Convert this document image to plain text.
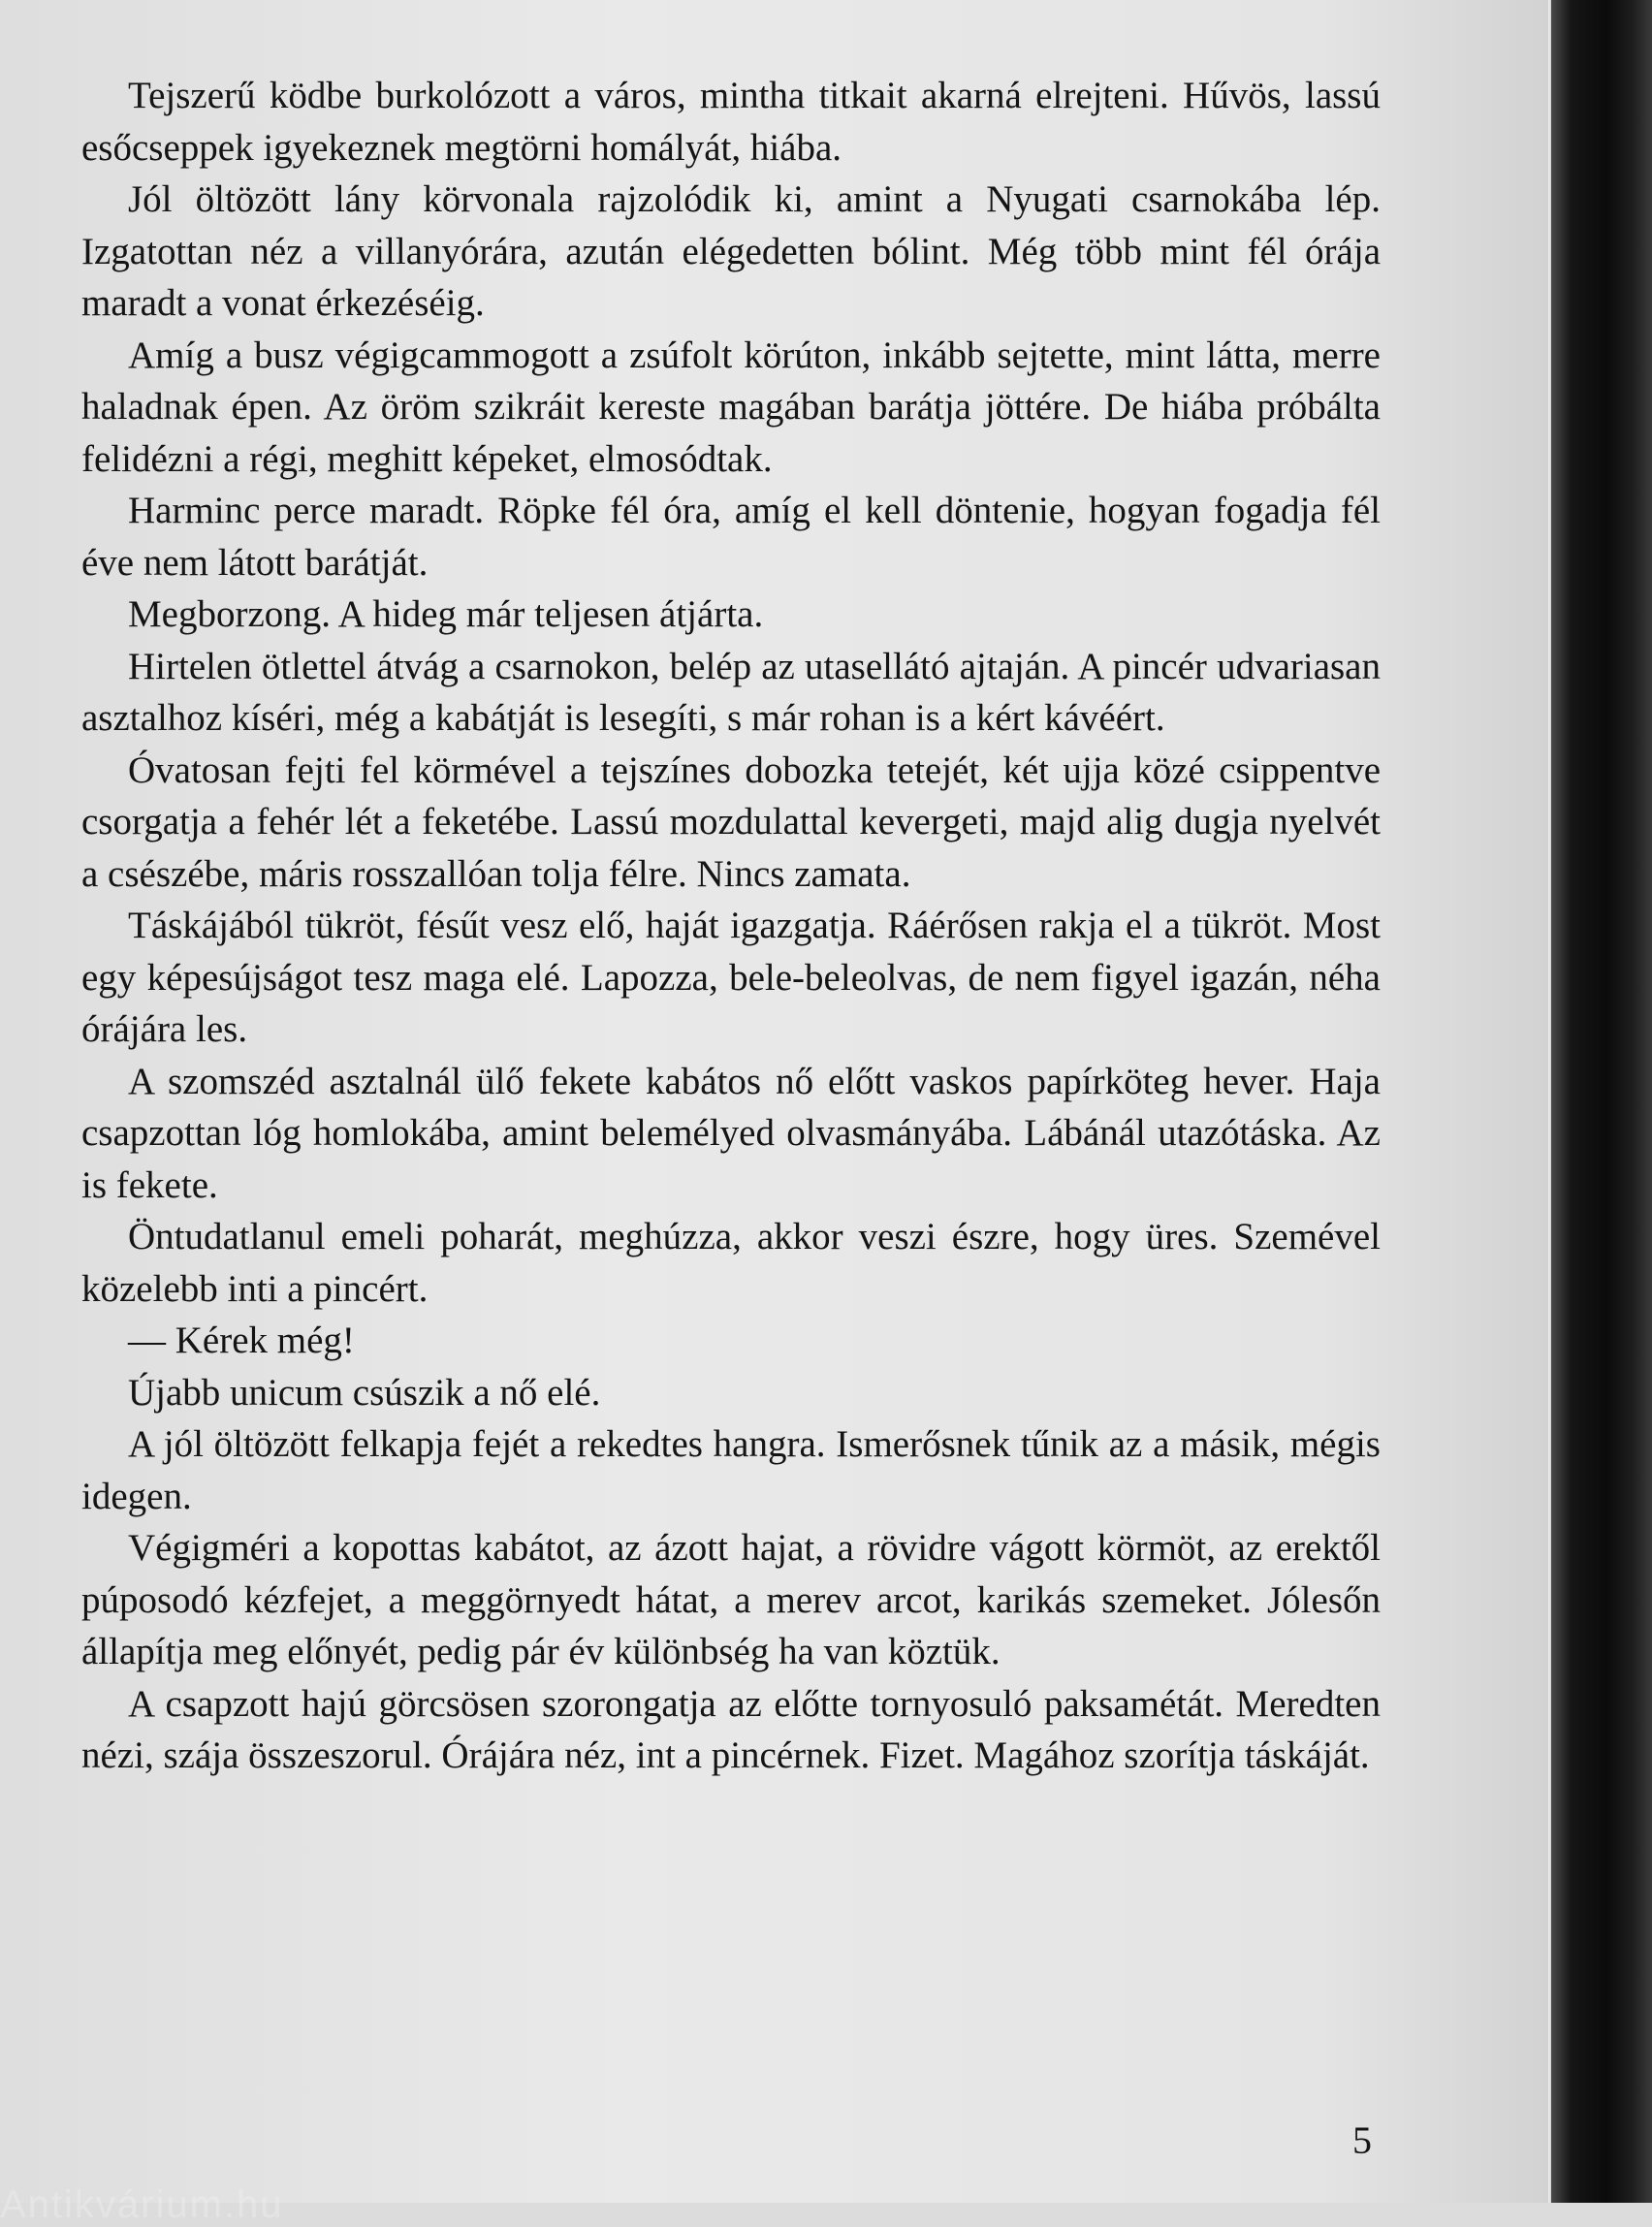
Tejszerű ködbe burkolózott a város, mintha titkait akarná elrejteni. Hűvös, lassú esőcseppek igyekeznek megtörni homályát, hiába.

Jól öltözött lány körvonala rajzolódik ki, amint a Nyugati csarnokába lép. Izgatottan néz a villanyórára, azután elégedetten bólint. Még több mint fél órája maradt a vonat érkezéséig.

Amíg a busz végigcammogott a zsúfolt körúton, inkább sejtette, mint látta, merre haladnak épen. Az öröm szikráit kereste magában barátja jöttére. De hiába próbálta felidézni a régi, meghitt képeket, elmosódtak.

Harminc perce maradt. Röpke fél óra, amíg el kell döntenie, hogyan fogadja fél éve nem látott barátját.

Megborzong. A hideg már teljesen átjárta.

Hirtelen ötlettel átvág a csarnokon, belép az utasellátó ajtaján. A pincér udvariasan asztalhoz kíséri, még a kabátját is lesegíti, s már rohan is a kért kávéért.

Óvatosan fejti fel körmével a tejszínes dobozka tetejét, két ujja közé csippentve csorgatja a fehér lét a feketébe. Lassú mozdulattal kevergeti, majd alig dugja nyelvét a csészébe, máris rosszallóan tolja félre. Nincs zamata.

Táskájából tükröt, fésűt vesz elő, haját igazgatja. Ráérősen rakja el a tükröt. Most egy képesújságot tesz maga elé. Lapozza, bele-beleolvas, de nem figyel igazán, néha órájára les.

A szomszéd asztalnál ülő fekete kabátos nő előtt vaskos papírköteg hever. Haja csapzottan lóg homlokába, amint belemélyed olvasmányába. Lábánál utazótáska. Az is fekete.

Öntudatlanul emeli poharát, meghúzza, akkor veszi észre, hogy üres. Szemével közelebb inti a pincért.

— Kérek még!

Újabb unicum csúszik a nő elé.

A jól öltözött felkapja fejét a rekedtes hangra. Ismerősnek tűnik az a másik, mégis idegen.

Végigméri a kopottas kabátot, az ázott hajat, a rövidre vágott körmöt, az erektől púposodó kézfejet, a meggörnyedt hátat, a merev arcot, karikás szemeket. Jólesőn állapítja meg előnyét, pedig pár év különbség ha van köztük.

A csapzott hajú görcsösen szorongatja az előtte tornyosuló paksamétát. Meredten nézi, szája összeszorul. Órájára néz, int a pincérnek. Fizet. Magához szorítja táskáját.

5
Antikvárium.hu
